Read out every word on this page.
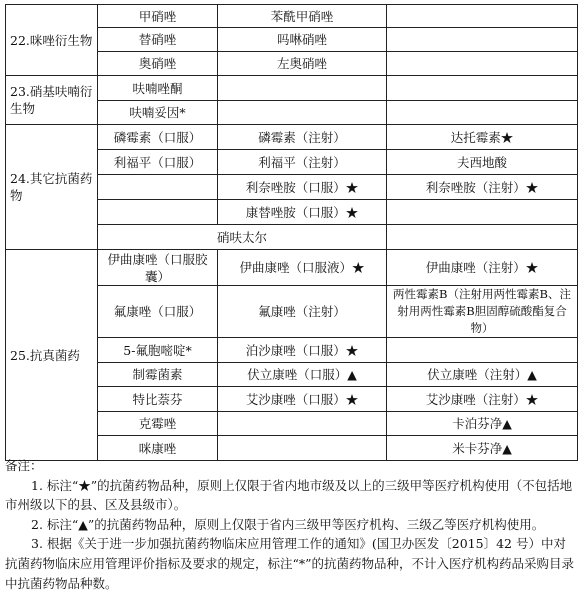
22.咪唑衍生物	甲硝唑	苯酰甲硝唑	
	替硝唑	吗啉硝唑	
	奥硝唑	左奥硝唑	
23.硝基呋喃衍生物	呋喃唑酮		
	呋喃妥因*		
24.其它抗菌药物	磷霉素（口服）	磷霉素（注射）	达托霉素★
	利福平（口服）	利福平（注射）	夫西地酸
		利奈唑胺（口服）★	利奈唑胺（注射）★
		康替唑胺（口服）★	
	硝呋太尔		
25.抗真菌药	伊曲康唑（口服胶囊）	伊曲康唑（口服液）★	伊曲康唑（注射）★
	氟康唑（口服）	氟康唑（注射）	两性霉素B（注射用两性霉素B、注射用两性霉素B胆固醇硫酸酯复合物）
	5-氟胞嘧啶*	泊沙康唑（口服）★	
	制霉菌素	伏立康唑（口服）▲	伏立康唑（注射）▲
	特比萘芬	艾沙康唑（口服）★	艾沙康唑（注射）★
	克霉唑		卡泊芬净▲
	咪康唑		米卡芬净▲

备注：

1. 标注“★”的抗菌药物品种，原则上仅限于省内地市级及以上的三级甲等医疗机构使用（不包括地市州级以下的县、区及县级市）。

2. 标注“▲”的抗菌药物品种，原则上仅限于省内三级甲等医疗机构、三级乙等医疗机构使用。

3. 根据《关于进一步加强抗菌药物临床应用管理工作的通知》(国卫办医发〔2015〕42 号）中对抗菌药物临床应用管理评价指标及要求的规定，标注“*”的抗菌药物品种，不计入医疗机构药品采购目录中抗菌药物品种数。
